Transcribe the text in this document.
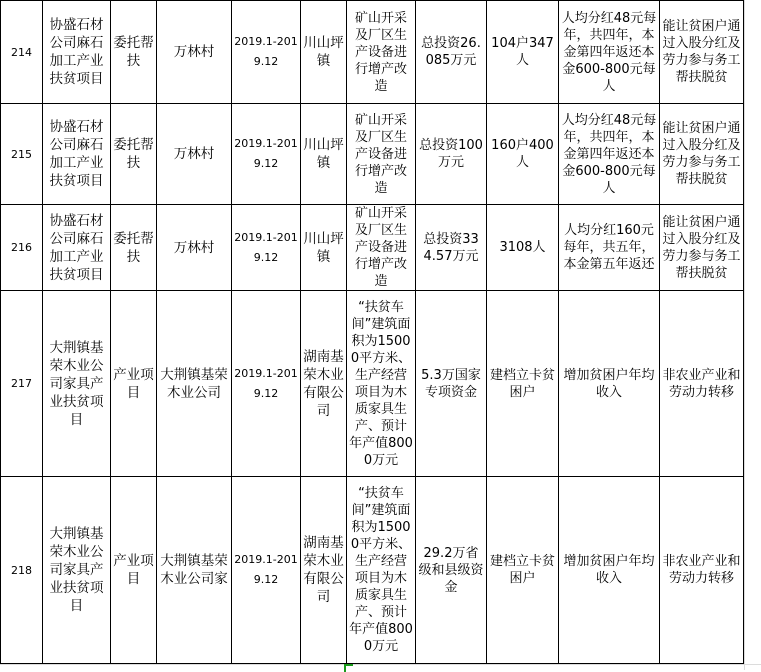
214	协盛石材公司麻石加工产业扶贫项目	委托帮扶	万林村	2019.1-2019.12	川山坪镇	矿山开采及厂区生产设备进行增产改造	总投资26.085万元	104户347人	人均分红48元每年，共四年，本金第四年返还本金600-800元每人	能让贫困户通过入股分红及劳力参与务工帮扶脱贫
215	协盛石材公司麻石加工产业扶贫项目	委托帮扶	万林村	2019.1-2019.12	川山坪镇	矿山开采及厂区生产设备进行增产改造	总投资100万元	160户400人	人均分红48元每年，共四年，本金第四年返还本金600-800元每人	能让贫困户通过入股分红及劳力参与务工帮扶脱贫
216	协盛石材公司麻石加工产业扶贫项目	委托帮扶	万林村	2019.1-2019.12	川山坪镇	矿山开采及厂区生产设备进行增产改造	总投资334.57万元	3108人	人均分红160元每年，共五年，本金第五年返还	能让贫困户通过入股分红及劳力参与务工帮扶脱贫
217	大荆镇基荣木业公司家具产业扶贫项目	产业项目	大荆镇基荣木业公司	2019.1-2019.12	湖南基荣木业有限公司	“扶贫车间”建筑面积为15000平方米、生产经营项目为木质家具生产、预计年产值8000万元	5.3万国家专项资金	建档立卡贫困户	增加贫困户年均收入	非农业产业和劳动力转移
218	大荆镇基荣木业公司家具产业扶贫项目	产业项目	大荆镇基荣木业公司家	2019.1-2019.12	湖南基荣木业有限公司	“扶贫车间”建筑面积为15000平方米、生产经营项目为木质家具生产、预计年产值8000万元	29.2万省级和县级资金	建档立卡贫困户	增加贫困户年均收入	非农业产业和劳动力转移
